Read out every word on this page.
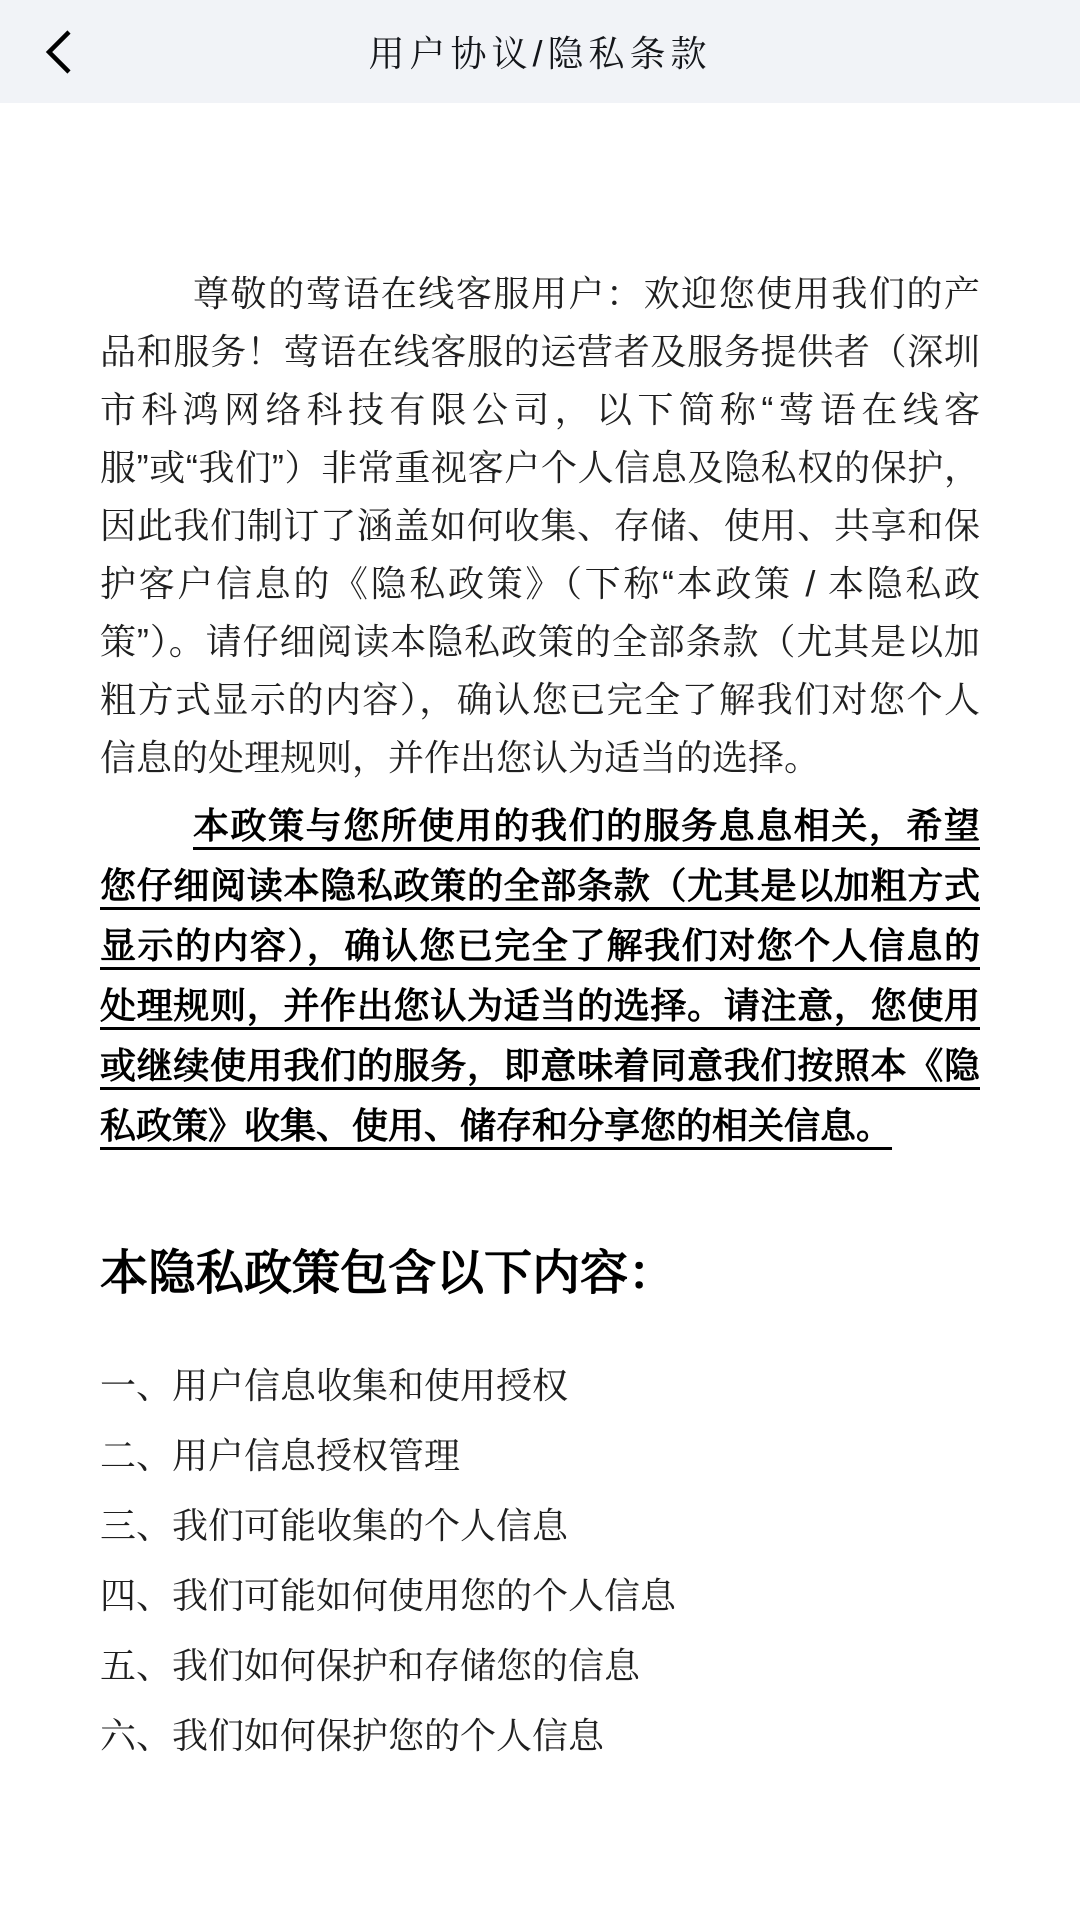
用户协议/隐私条款

尊敬的莺语在线客服用户：欢迎您使用我们的产品和服务！莺语在线客服的运营者及服务提供者（深圳市科鸿网络科技有限公司，以下简称“莺语在线客服”或“我们”）非常重视客户个人信息及隐私权的保护，因此我们制订了涵盖如何收集、存储、使用、共享和保护客户信息的《隐私政策》（下称“本政策 / 本隐私政策”）。请仔细阅读本隐私政策的全部条款（尤其是以加粗方式显示的内容），确认您已完全了解我们对您个人信息的处理规则，并作出您认为适当的选择。

本政策与您所使用的我们的服务息息相关，希望您仔细阅读本隐私政策的全部条款（尤其是以加粗方式显示的内容），确认您已完全了解我们对您个人信息的处理规则，并作出您认为适当的选择。请注意，您使用或继续使用我们的服务，即意味着同意我们按照本《隐私政策》收集、使用、储存和分享您的相关信息。

本隐私政策包含以下内容：

一、用户信息收集和使用授权

二、用户信息授权管理

三、我们可能收集的个人信息

四、我们可能如何使用您的个人信息

五、我们如何保护和存储您的信息

六、我们如何保护您的个人信息
